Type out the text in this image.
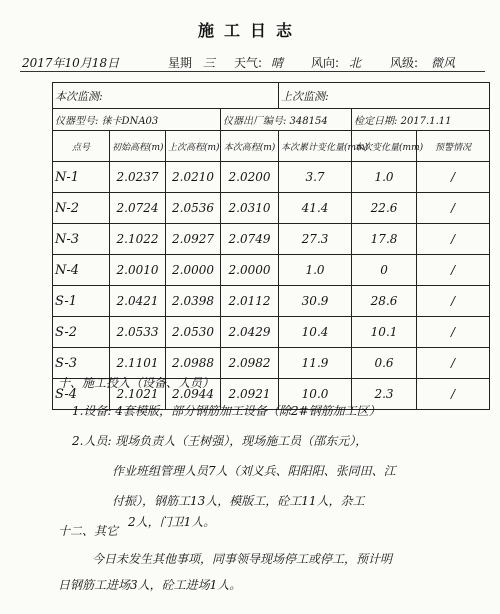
施工日志
2017年10月18日	星期 三 天气: 晴 风向: 北 风级: 微风
本次监测:				上次监测:		
仪器型号: 徕卡DNA03			仪器出厂编号: 348154		检定日期: 2017.1.11	
点号	初始高程(m)	上次高程(m)	本次高程(m)	本次累计变化量(mm)	本次变化量(mm)	预警情况
N-1	2.0237	2.0210	2.0200	3.7	1.0	/
N-2	2.0724	2.0536	2.0310	41.4	22.6	/
N-3	2.1022	2.0927	2.0749	27.3	17.8	/
N-4	2.0010	2.0000	2.0000	1.0	0	/
S-1	2.0421	2.0398	2.0112	30.9	28.6	/
S-2	2.0533	2.0530	2.0429	10.4	10.1	/
S-3	2.1101	2.0988	2.0982	11.9	0.6	/
S-4	2.1021	2.0944	2.0921	10.0	2.3	/
十、施工投入（设备、人员）
1.设备: 4套模版，部分钢筋加工设备（除2#钢筋加工区）
2.人员: 现场负责人（王树强），现场施工员（邵东元），
作业班组管理人员7人（刘义兵、阳阳阳、张同田、江
付振），钢筋工13人，模版工，砼工11人，杂工
2人，门卫1人。
十二、其它
今日未发生其他事项，同事领导现场停工或停工，预计明
日钢筋工进场3人，砼工进场1人。
